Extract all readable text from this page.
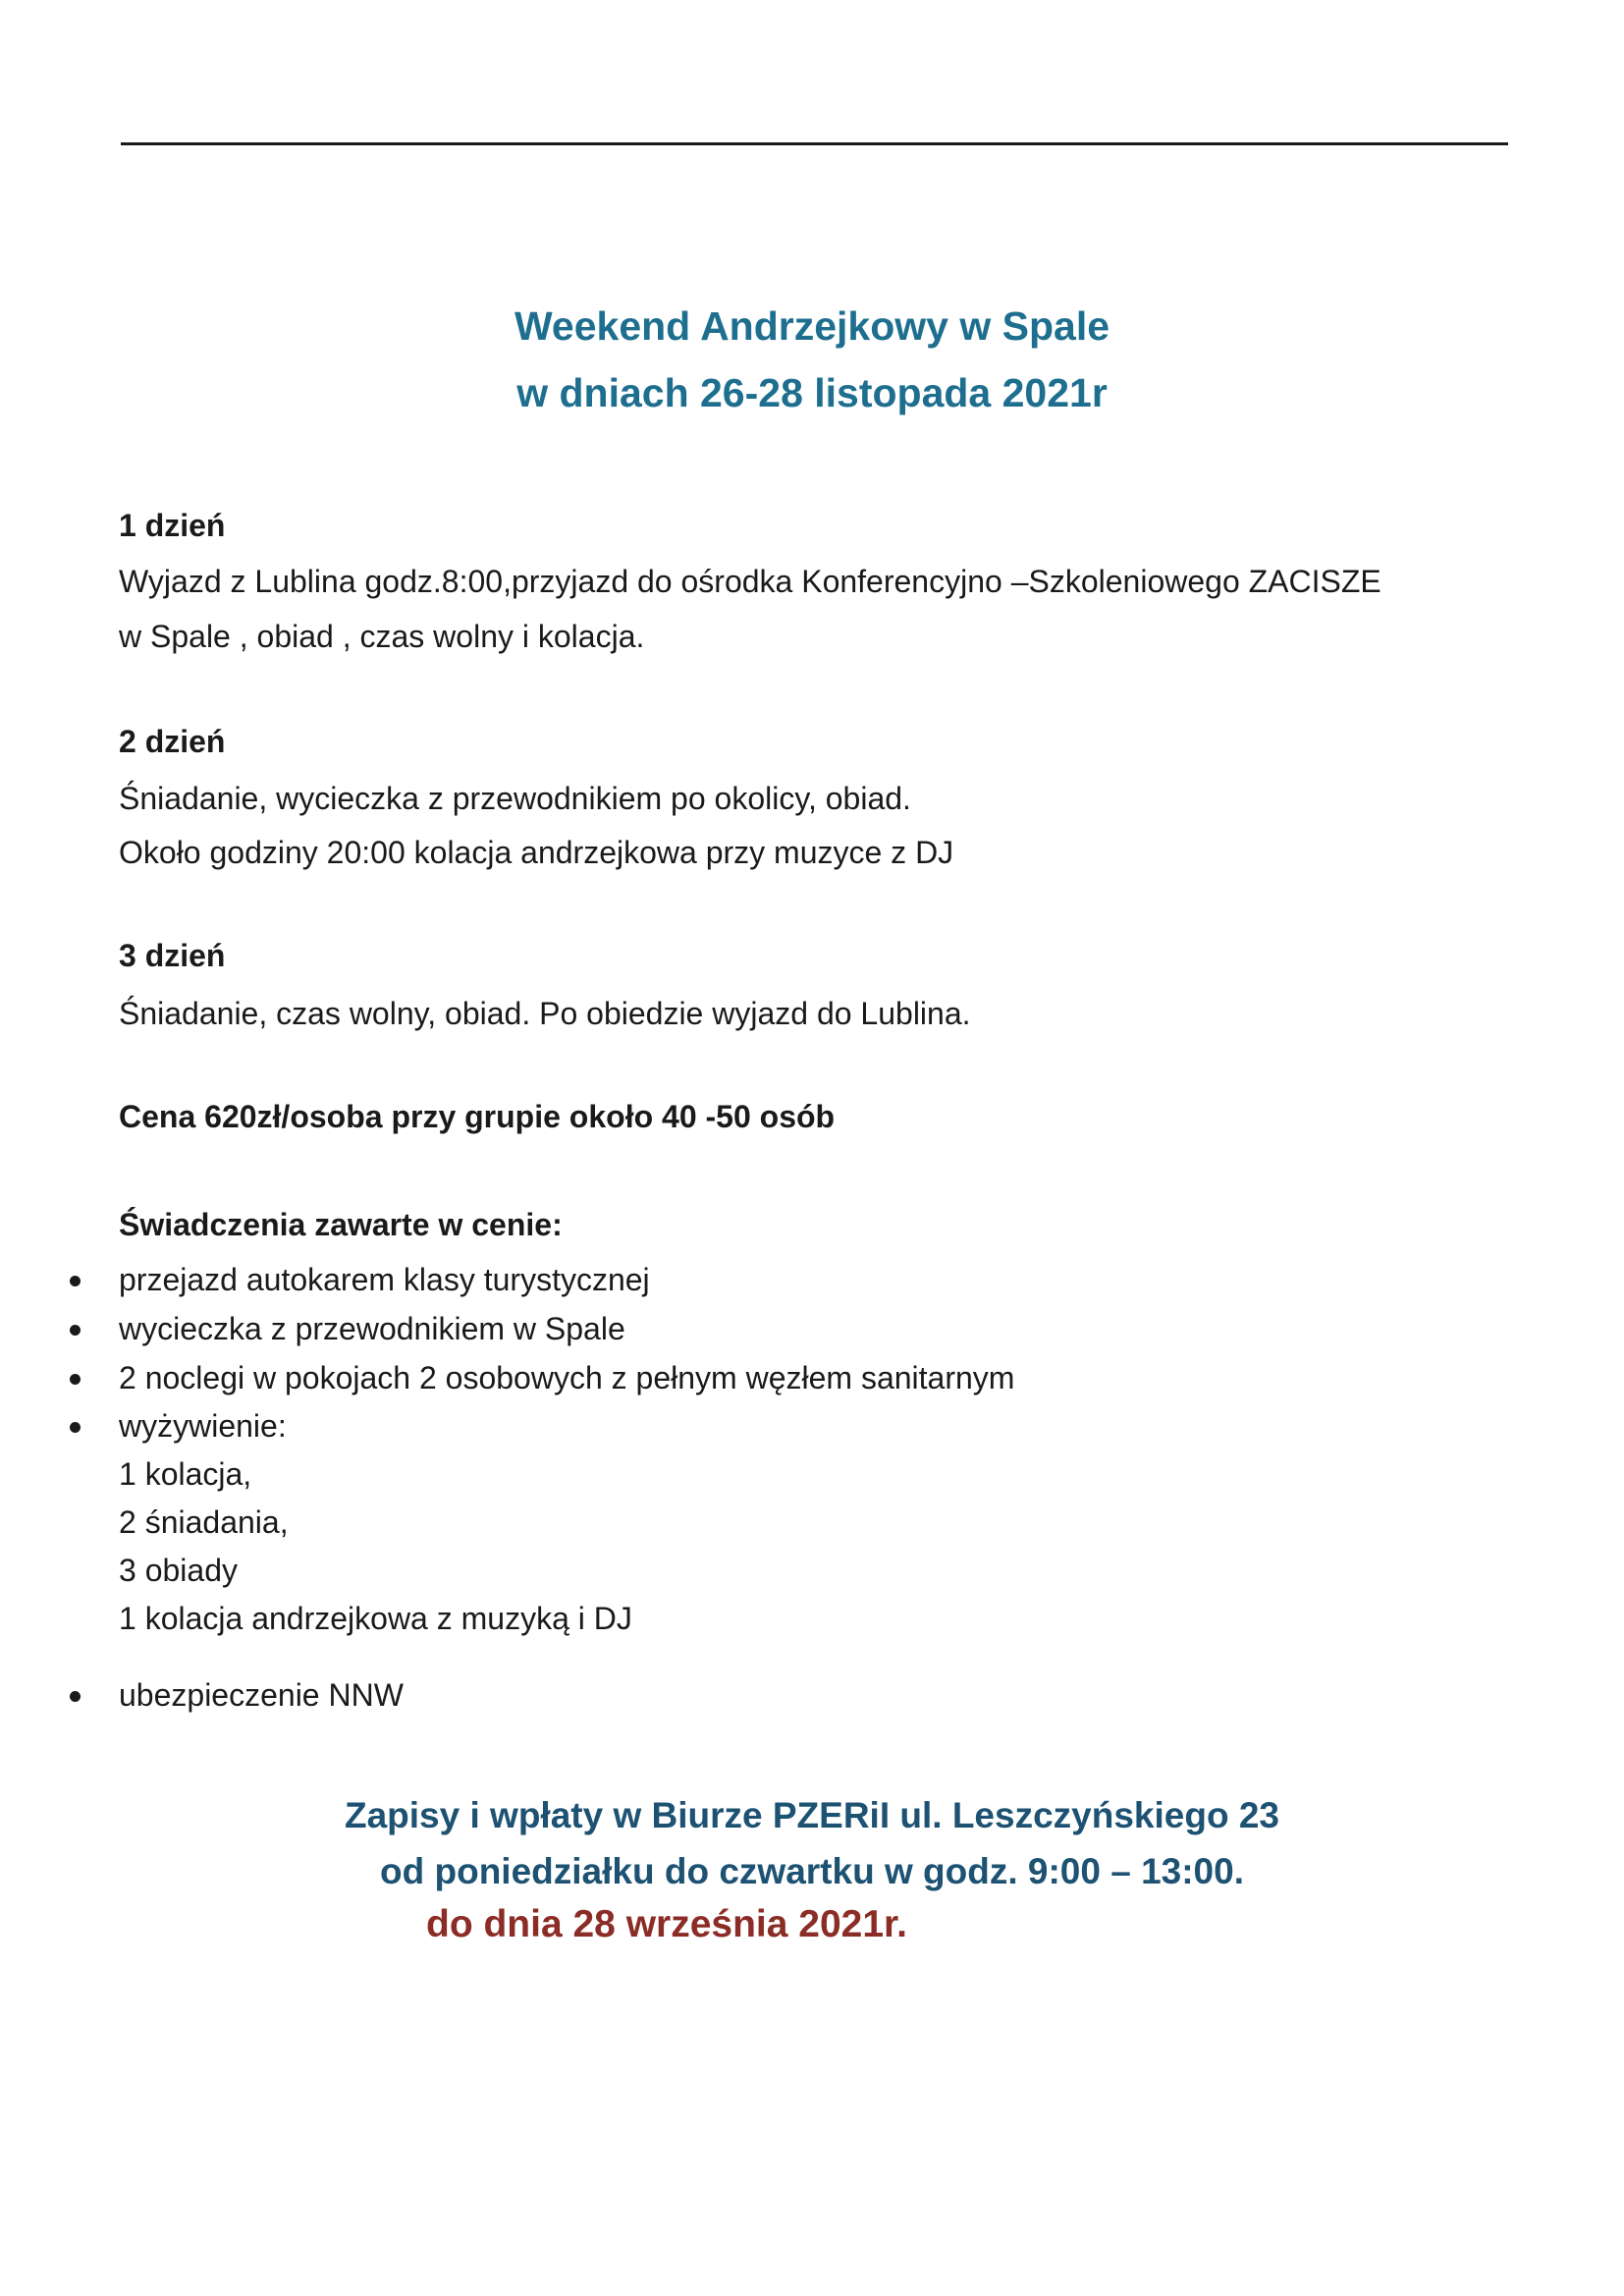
Weekend Andrzejkowy w Spale
w dniach 26-28 listopada 2021r
1 dzień
Wyjazd z Lublina godz.8:00,przyjazd do ośrodka Konferencyjno –Szkoleniowego ZACISZE
w Spale , obiad , czas wolny i kolacja.
2 dzień
Śniadanie, wycieczka z przewodnikiem po okolicy, obiad.
Około godziny 20:00 kolacja andrzejkowa przy muzyce z DJ
3 dzień
Śniadanie, czas wolny, obiad. Po obiedzie wyjazd do Lublina.
Cena 620zł/osoba przy grupie około 40 -50 osób
Świadczenia zawarte w cenie:
przejazd autokarem klasy turystycznej
wycieczka z przewodnikiem w Spale
2 noclegi w pokojach 2 osobowych z pełnym węzłem sanitarnym
wyżywienie:
1 kolacja,
2 śniadania,
3 obiady
1 kolacja andrzejkowa z muzyką i DJ
ubezpieczenie NNW
Zapisy i wpłaty w Biurze PZERiI ul. Leszczyńskiego 23
od poniedziałku do czwartku w godz. 9:00 – 13:00.
do dnia 28 września 2021r.
